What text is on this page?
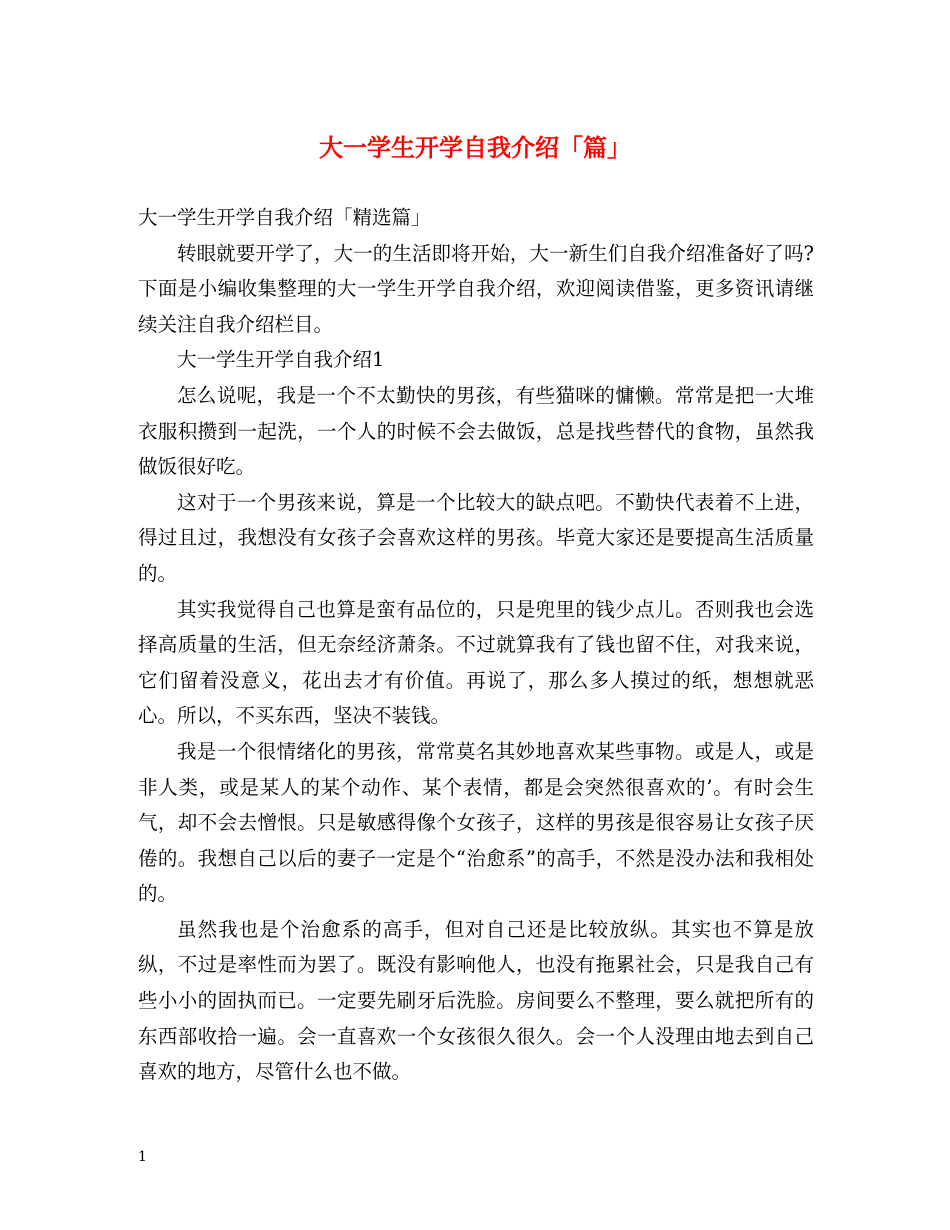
大一学生开学自我介绍「篇」

大一学生开学自我介绍「精选篇」

转眼就要开学了，大一的生活即将开始，大一新生们自我介绍准备好了吗?下面是小编收集整理的大一学生开学自我介绍，欢迎阅读借鉴，更多资讯请继续关注自我介绍栏目。

大一学生开学自我介绍1

怎么说呢，我是一个不太勤快的男孩，有些猫咪的慵懒。常常是把一大堆衣服积攒到一起洗，一个人的时候不会去做饭，总是找些替代的食物，虽然我做饭很好吃。

这对于一个男孩来说，算是一个比较大的缺点吧。不勤快代表着不上进，得过且过，我想没有女孩子会喜欢这样的男孩。毕竟大家还是要提高生活质量的。

其实我觉得自己也算是蛮有品位的，只是兜里的钱少点儿。否则我也会选择高质量的生活，但无奈经济萧条。不过就算我有了钱也留不住，对我来说，它们留着没意义，花出去才有价值。再说了，那么多人摸过的纸，想想就恶心。所以，不买东西，坚决不装钱。

我是一个很情绪化的男孩，常常莫名其妙地喜欢某些事物。或是人，或是非人类，或是某人的某个动作、某个表情，都是会突然很喜欢的’。有时会生气，却不会去憎恨。只是敏感得像个女孩子，这样的男孩是很容易让女孩子厌倦的。我想自己以后的妻子一定是个“治愈系”的高手，不然是没办法和我相处的。

虽然我也是个治愈系的高手，但对自己还是比较放纵。其实也不算是放纵，不过是率性而为罢了。既没有影响他人，也没有拖累社会，只是我自己有些小小的固执而已。一定要先刷牙后洗脸。房间要么不整理，要么就把所有的东西部收拾一遍。会一直喜欢一个女孩很久很久。会一个人没理由地去到自己喜欢的地方，尽管什么也不做。

1
